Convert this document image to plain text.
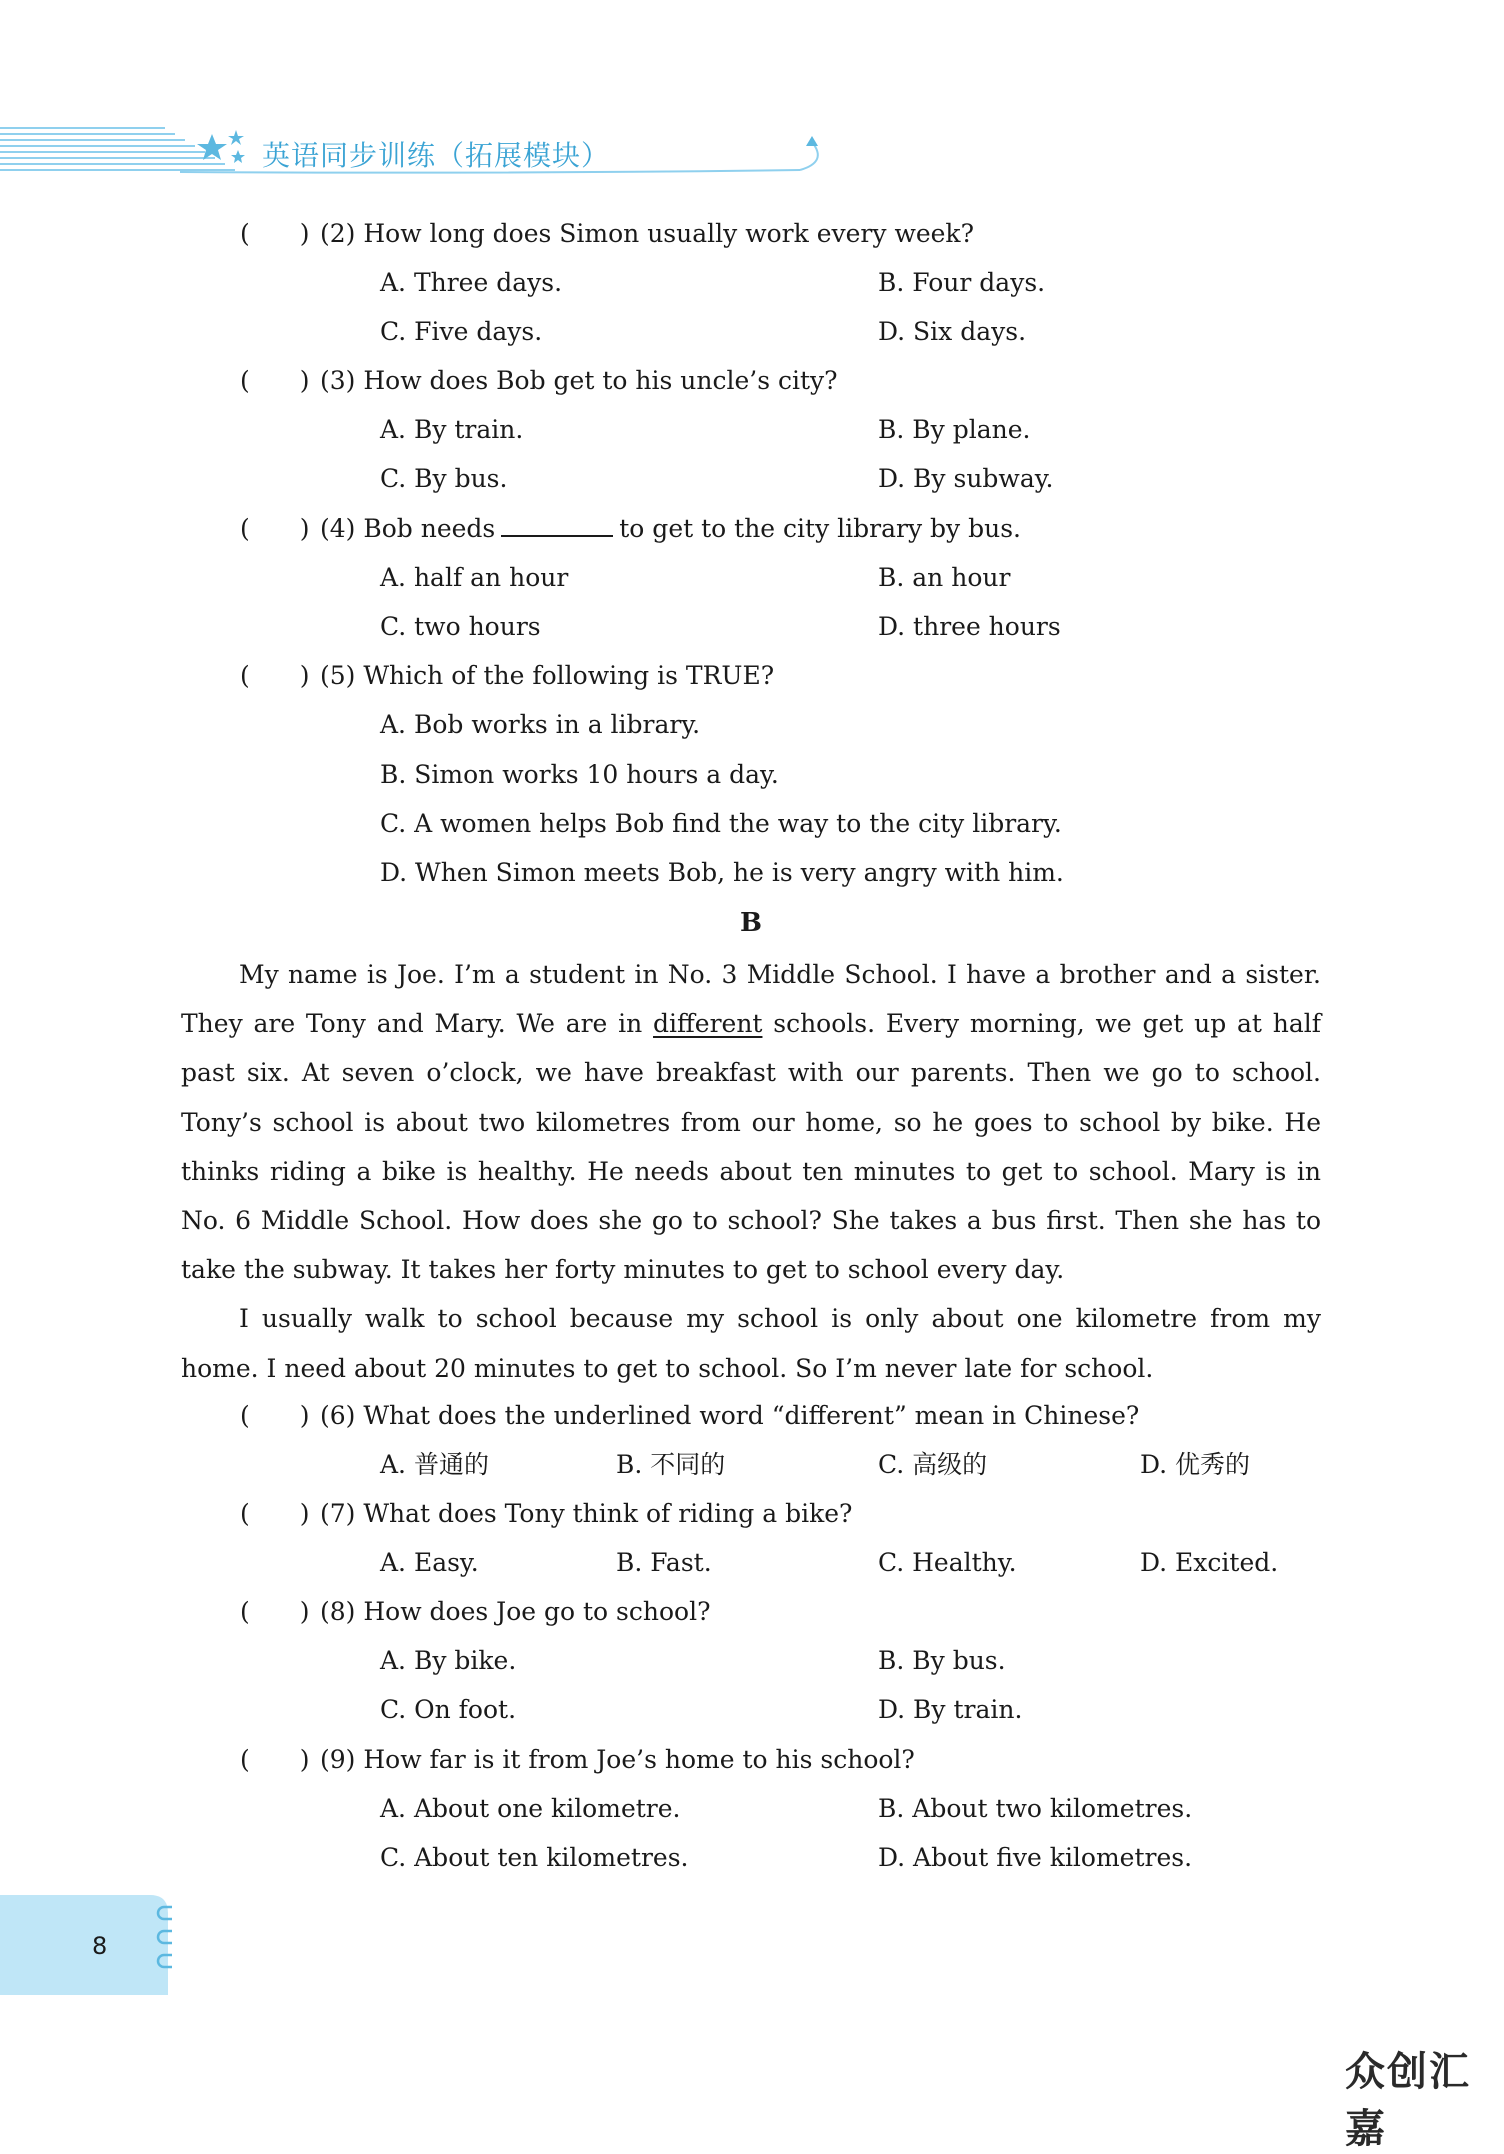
英语同步训练（拓展模块）
(　　) (2) How long does Simon usually work every week?
A. Three days.	B. Four days.
C. Five days.	D. Six days.
(　　) (3) How does Bob get to his uncle’s city?
A. By train.	B. By plane.
C. By bus.	D. By subway.
(　　) (4) Bob needs	to get to the city library by bus.
A. half an hour	B. an hour
C. two hours	D. three hours
(　　) (5) Which of the following is TRUE?
A. Bob works in a library.
B. Simon works 10 hours a day.
C. A women helps Bob find the way to the city library.
D. When Simon meets Bob, he is very angry with him.
B

My name is Joe. I’m a student in No. 3 Middle School. I have a brother and a sister. They are Tony and Mary. We are in different schools. Every morning, we get up at half past six. At seven o’clock, we have breakfast with our parents. Then we go to school. Tony’s school is about two kilometres from our home, so he goes to school by bike. He thinks riding a bike is healthy. He needs about ten minutes to get to school. Mary is in No. 6 Middle School. How does she go to school? She takes a bus first. Then she has to take the subway. It takes her forty minutes to get to school every day.

I usually walk to school because my school is only about one kilometre from my home. I need about 20 minutes to get to school. So I’m never late for school.

(　　) (6) What does the underlined word “different” mean in Chinese?
A. 普通的	B. 不同的	C. 高级的	D. 优秀的
(　　) (7) What does Tony think of riding a bike?
A. Easy.	B. Fast.	C. Healthy.	D. Excited.
(　　) (8) How does Joe go to school?
A. By bike.	B. By bus.
C. On foot.	D. By train.
(　　) (9) How far is it from Joe’s home to his school?
A. About one kilometre.	B. About two kilometres.
C. About ten kilometres.	D. About five kilometres.
8
众创汇嘉
